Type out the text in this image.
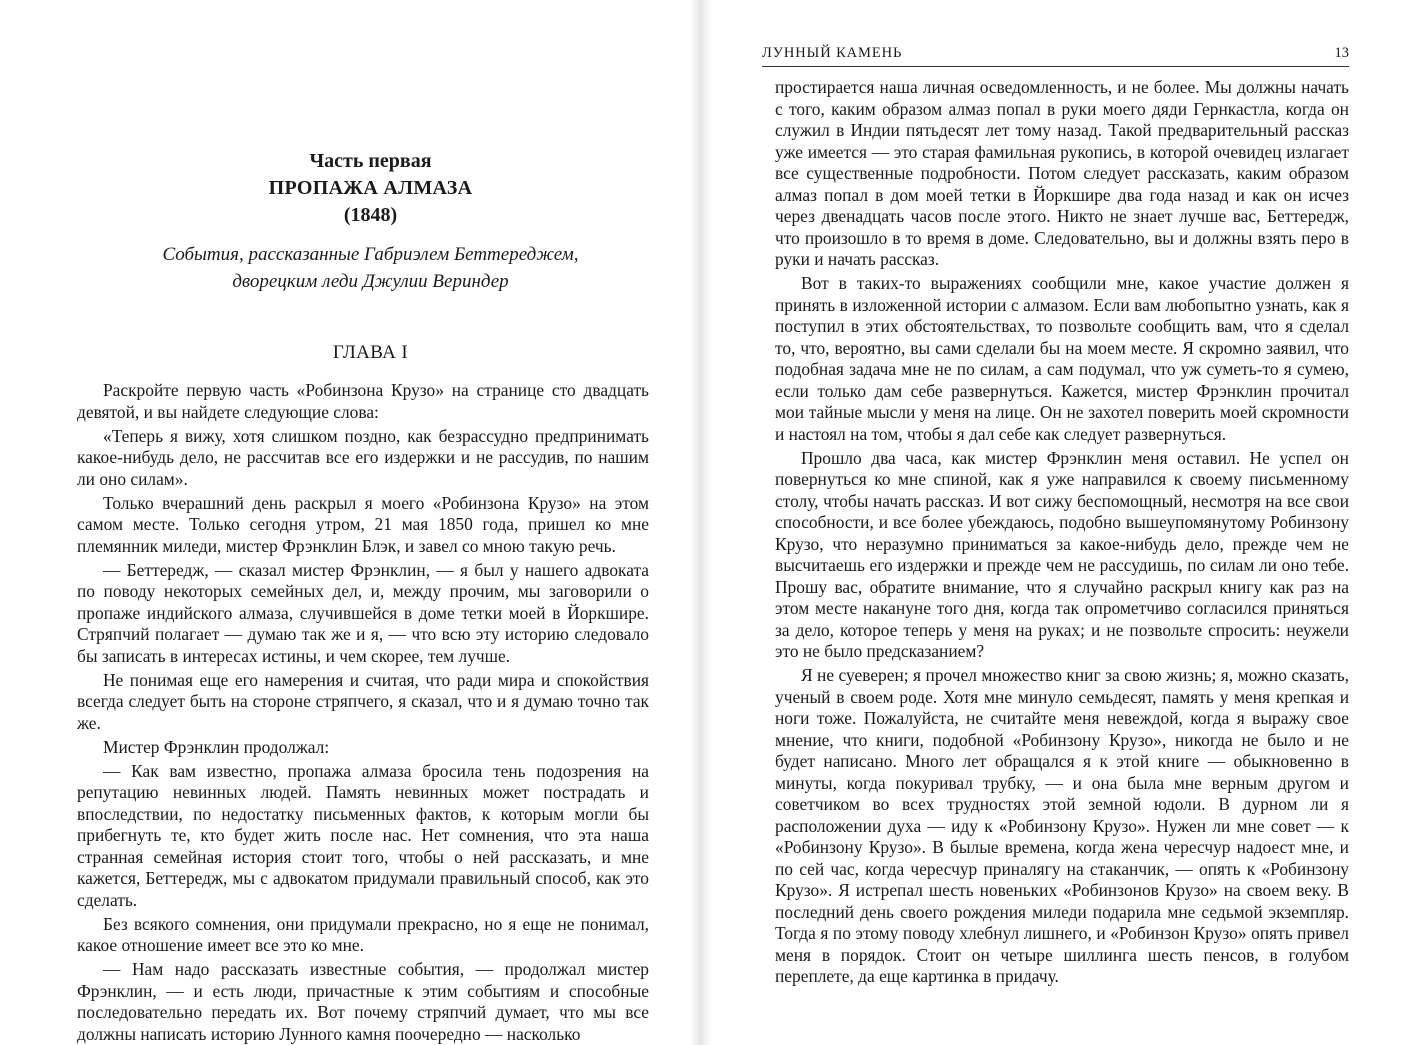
Часть первая
ПРОПАЖА АЛМАЗА
(1848)
События, рассказанные Габриэлем Беттереджем,
дворецким леди Джулии Вериндер
ГЛАВА I

Раскройте первую часть «Робинзона Крузо» на странице сто двадцать девятой, и вы найдете следующие слова:

«Теперь я вижу, хотя слишком поздно, как безрассудно предпринимать какое-нибудь дело, не рассчитав все его издержки и не рассудив, по нашим ли оно силам».

Только вчерашний день раскрыл я моего «Робинзона Крузо» на этом самом месте. Только сегодня утром, 21 мая 1850 года, пришел ко мне племянник миледи, мистер Фрэнклин Блэк, и завел со мною такую речь.

— Беттередж, — сказал мистер Фрэнклин, — я был у нашего адвоката по поводу некоторых семейных дел, и, между прочим, мы заговорили о пропаже индийского алмаза, случившейся в доме тетки моей в Йоркшире. Стряпчий полагает — думаю так же и я, — что всю эту историю следовало бы записать в интересах истины, и чем скорее, тем лучше.

Не понимая еще его намерения и считая, что ради мира и спокойствия всегда следует быть на стороне стряпчего, я сказал, что и я думаю точно так же.

Мистер Фрэнклин продолжал:

— Как вам известно, пропажа алмаза бросила тень подозрения на репутацию невинных людей. Память невинных может пострадать и впоследствии, по недостатку письменных фактов, к которым могли бы прибегнуть те, кто будет жить после нас. Нет сомнения, что эта наша странная семейная история стоит того, чтобы о ней рассказать, и мне кажется, Беттередж, мы с адвокатом придумали правильный способ, как это сделать.

Без всякого сомнения, они придумали прекрасно, но я еще не понимал, какое отношение имеет все это ко мне.

— Нам надо рассказать известные события, — продолжал мистер Фрэнклин, — и есть люди, причастные к этим событиям и способные последовательно передать их. Вот почему стряпчий думает, что мы все должны написать историю Лунного камня поочередно — насколько

ЛУННЫЙ КАМЕНЬ	13

простирается наша личная осведомленность, и не более. Мы должны начать с того, каким образом алмаз попал в руки моего дяди Гернкастла, когда он служил в Индии пятьдесят лет тому назад. Такой предварительный рассказ уже имеется — это старая фамильная рукопись, в которой очевидец излагает все существенные подробности. Потом следует рассказать, каким образом алмаз попал в дом моей тетки в Йоркшире два года назад и как он исчез через двенадцать часов после этого. Никто не знает лучше вас, Беттередж, что произошло в то время в доме. Следовательно, вы и должны взять перо в руки и начать рассказ.

Вот в таких-то выражениях сообщили мне, какое участие должен я принять в изложенной истории с алмазом. Если вам любопытно узнать, как я поступил в этих обстоятельствах, то позвольте сообщить вам, что я сделал то, что, вероятно, вы сами сделали бы на моем месте. Я скромно заявил, что подобная задача мне не по силам, а сам подумал, что уж суметь-то я сумею, если только дам себе развернуться. Кажется, мистер Фрэнклин прочитал мои тайные мысли у меня на лице. Он не захотел поверить моей скромности и настоял на том, чтобы я дал себе как следует развернуться.

Прошло два часа, как мистер Фрэнклин меня оставил. Не успел он повернуться ко мне спиной, как я уже направился к своему письменному столу, чтобы начать рассказ. И вот сижу беспомощный, несмотря на все свои способности, и все более убеждаюсь, подобно вышеупомянутому Робинзону Крузо, что неразумно приниматься за какое-нибудь дело, прежде чем не высчитаешь его издержки и прежде чем не рассудишь, по силам ли оно тебе. Прошу вас, обратите внимание, что я случайно раскрыл книгу как раз на этом месте накануне того дня, когда так опрометчиво согласился приняться за дело, которое теперь у меня на руках; и не позвольте спросить: неужели это не было предсказанием?

Я не суеверен; я прочел множество книг за свою жизнь; я, можно сказать, ученый в своем роде. Хотя мне минуло семьдесят, память у меня крепкая и ноги тоже. Пожалуйста, не считайте меня невеждой, когда я выражу свое мнение, что книги, подобной «Робинзону Крузо», никогда не было и не будет написано. Много лет обращался я к этой книге — обыкновенно в минуты, когда покуривал трубку, — и она была мне верным другом и советчиком во всех трудностях этой земной юдоли. В дурном ли я расположении духа — иду к «Робинзону Крузо». Нужен ли мне совет — к «Робинзону Крузо». В былые времена, когда жена чересчур надоест мне, и по сей час, когда чересчур приналягу на стаканчик, — опять к «Робинзону Крузо». Я истрепал шесть новеньких «Робинзонов Крузо» на своем веку. В последний день своего рождения миледи подарила мне седьмой экземпляр. Тогда я по этому поводу хлебнул лишнего, и «Робинзон Крузо» опять привел меня в порядок. Стоит он четыре шиллинга шесть пенсов, в голубом переплете, да еще картинка в придачу.
